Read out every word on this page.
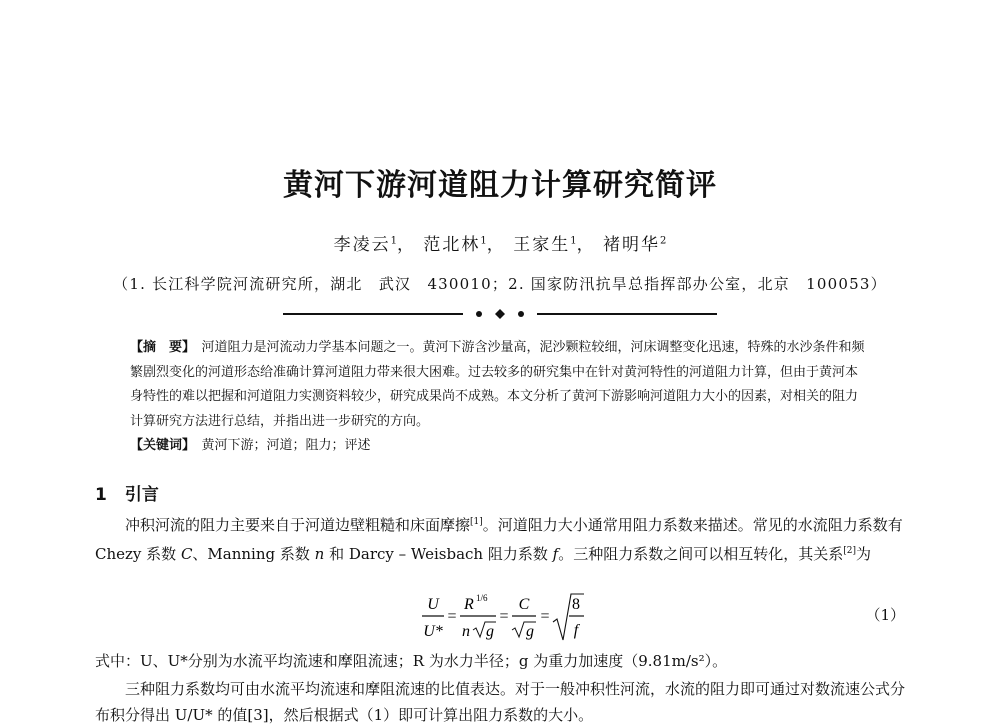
黄河下游河道阻力计算研究简评
李凌云$^1$， 范北林$^1$， 王家生$^1$， 褚明华$^2$
（1. 长江科学院河流研究所，湖北　武汉　430010；2. 国家防汛抗旱总指挥部办公室，北京　100053）

【摘　要】　 河道阻力是河流动力学基本问题之一。黄河下游含沙量高，泥沙颗粒较细，河床调整变化迅速，特殊的水沙条件和频繁剧烈变化的河道形态给准确计算河道阻力带来很大困难。过去较多的研究集中在针对黄河特性的河道阻力计算，但由于黄河本身特性的难以把握和河道阻力实测资料较少，研究成果尚不成熟。本文分析了黄河下游影响河道阻力大小的因素，对相关的阻力计算研究方法进行总结，并指出进一步研究的方向。

【关键词】　 黄河下游；河道；阻力；评述

1 引言

冲积河流的阻力主要来自于河道边壁粗糙和床面摩擦[1]。河道阻力大小通常用阻力系数来描述。常见的水流阻力系数有 Chezy 系数 C、Manning 系数 n 和 Darcy – Weisbach 阻力系数 f。三种阻力系数之间可以相互转化，其关系[2]为

U
U*
=
R 1/6
n g
=
C
g
=
8
f
（1）
式中：U、U*分别为水流平均流速和摩阻流速；R 为水力半径；g 为重力加速度（9.81m/s²）。

三种阻力系数均可由水流平均流速和摩阻流速的比值表达。对于一般冲积性河流，水流的阻力即可通过对数流速公式分布积分得出 U/U* 的值[3]，然后根据式（1）即可计算出阻力系数的大小。
